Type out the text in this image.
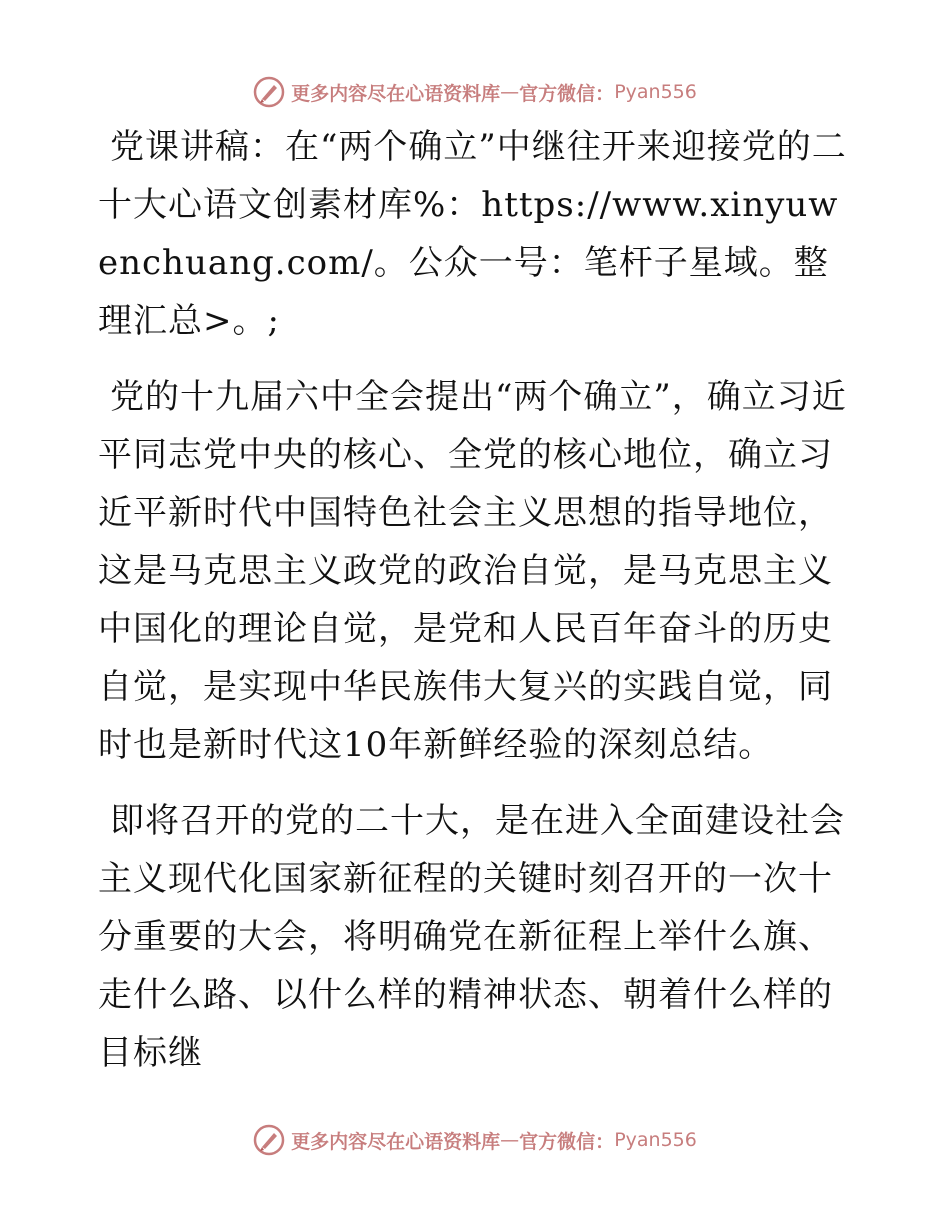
更多内容尽在心语资料库 — 官方微信： Pyan556

党课讲稿：在“两个确立”中继往开来迎接党的二十大心语文创素材库%：https://www.xinyuwenchuang.com/。公众一号：笔杆子星域。整理汇总>。;

党的十九届六中全会提出“两个确立”，确立习近平同志党中央的核心、全党的核心地位，确立习近平新时代中国特色社会主义思想的指导地位，这是马克思主义政党的政治自觉，是马克思主义中国化的理论自觉，是党和人民百年奋斗的历史自觉，是实现中华民族伟大复兴的实践自觉，同时也是新时代这10年新鲜经验的深刻总结。

即将召开的党的二十大，是在进入全面建设社会主义现代化国家新征程的关键时刻召开的一次十分重要的大会，将明确党在新征程上举什么旗、走什么路、以什么样的精神状态、朝着什么样的目标继

更多内容尽在心语资料库 — 官方微信： Pyan556
